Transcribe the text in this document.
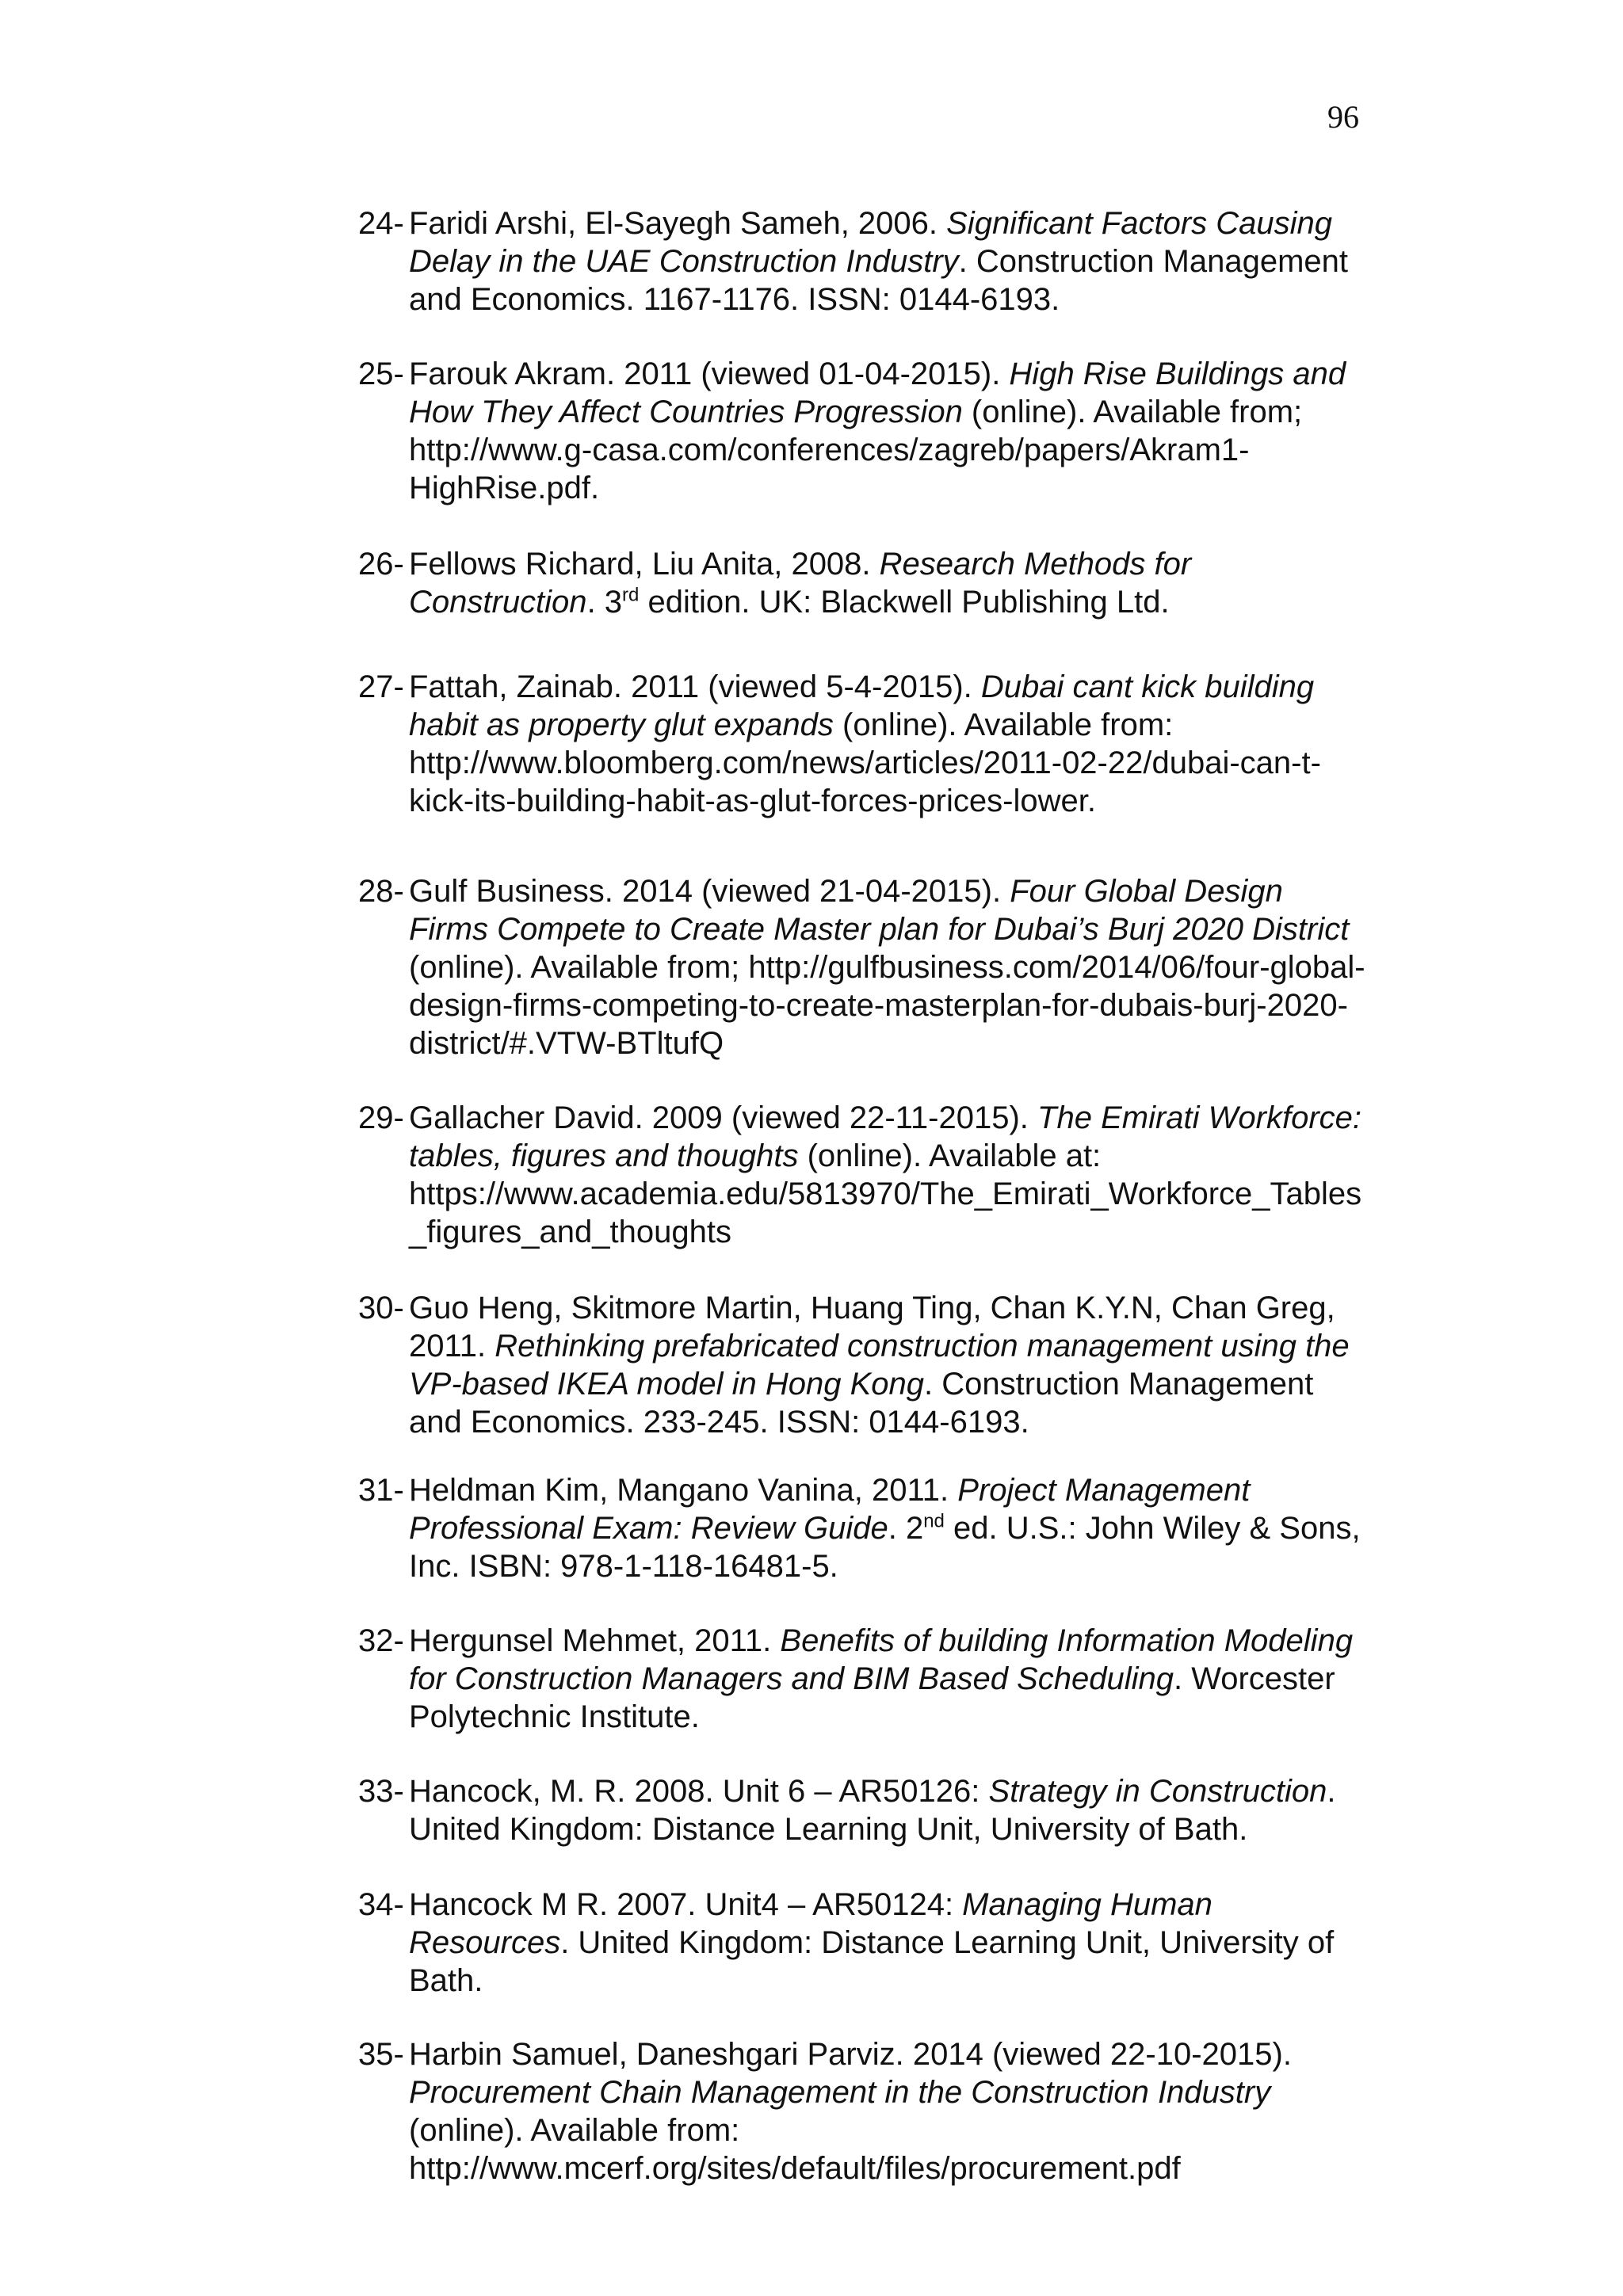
96
24- Faridi Arshi, El-Sayegh Sameh, 2006. Significant Factors Causing
Delay in the UAE Construction Industry. Construction Management
and Economics. 1167-1176. ISSN: 0144-6193.
25- Farouk Akram. 2011 (viewed 01-04-2015). High Rise Buildings and
How They Affect Countries Progression (online). Available from;
http://www.g-casa.com/conferences/zagreb/papers/Akram1-
HighRise.pdf.
26- Fellows Richard, Liu Anita, 2008. Research Methods for
Construction. 3rd edition. UK: Blackwell Publishing Ltd.
27- Fattah, Zainab. 2011 (viewed 5-4-2015). Dubai cant kick building
habit as property glut expands (online). Available from:
http://www.bloomberg.com/news/articles/2011-02-22/dubai-can-t-
kick-its-building-habit-as-glut-forces-prices-lower.
28- Gulf Business. 2014 (viewed 21-04-2015). Four Global Design
Firms Compete to Create Master plan for Dubai’s Burj 2020 District
(online). Available from; http://gulfbusiness.com/2014/06/four-global-
design-firms-competing-to-create-masterplan-for-dubais-burj-2020-
district/#.VTW-BTltufQ
29- Gallacher David. 2009 (viewed 22-11-2015). The Emirati Workforce:
tables, figures and thoughts (online). Available at:
https://www.academia.edu/5813970/The_Emirati_Workforce_Tables
_figures_and_thoughts
30- Guo Heng, Skitmore Martin, Huang Ting, Chan K.Y.N, Chan Greg,
2011. Rethinking prefabricated construction management using the
VP-based IKEA model in Hong Kong. Construction Management
and Economics. 233-245. ISSN: 0144-6193.
31- Heldman Kim, Mangano Vanina, 2011. Project Management
Professional Exam: Review Guide. 2nd ed. U.S.: John Wiley & Sons,
Inc. ISBN: 978-1-118-16481-5.
32- Hergunsel Mehmet, 2011. Benefits of building Information Modeling
for Construction Managers and BIM Based Scheduling. Worcester
Polytechnic Institute.
33- Hancock, M. R. 2008. Unit 6 – AR50126: Strategy in Construction.
United Kingdom: Distance Learning Unit, University of Bath.
34- Hancock M R. 2007. Unit4 – AR50124: Managing Human
Resources. United Kingdom: Distance Learning Unit, University of
Bath.
35- Harbin Samuel, Daneshgari Parviz. 2014 (viewed 22-10-2015).
Procurement Chain Management in the Construction Industry
(online). Available from:
http://www.mcerf.org/sites/default/files/procurement.pdf
